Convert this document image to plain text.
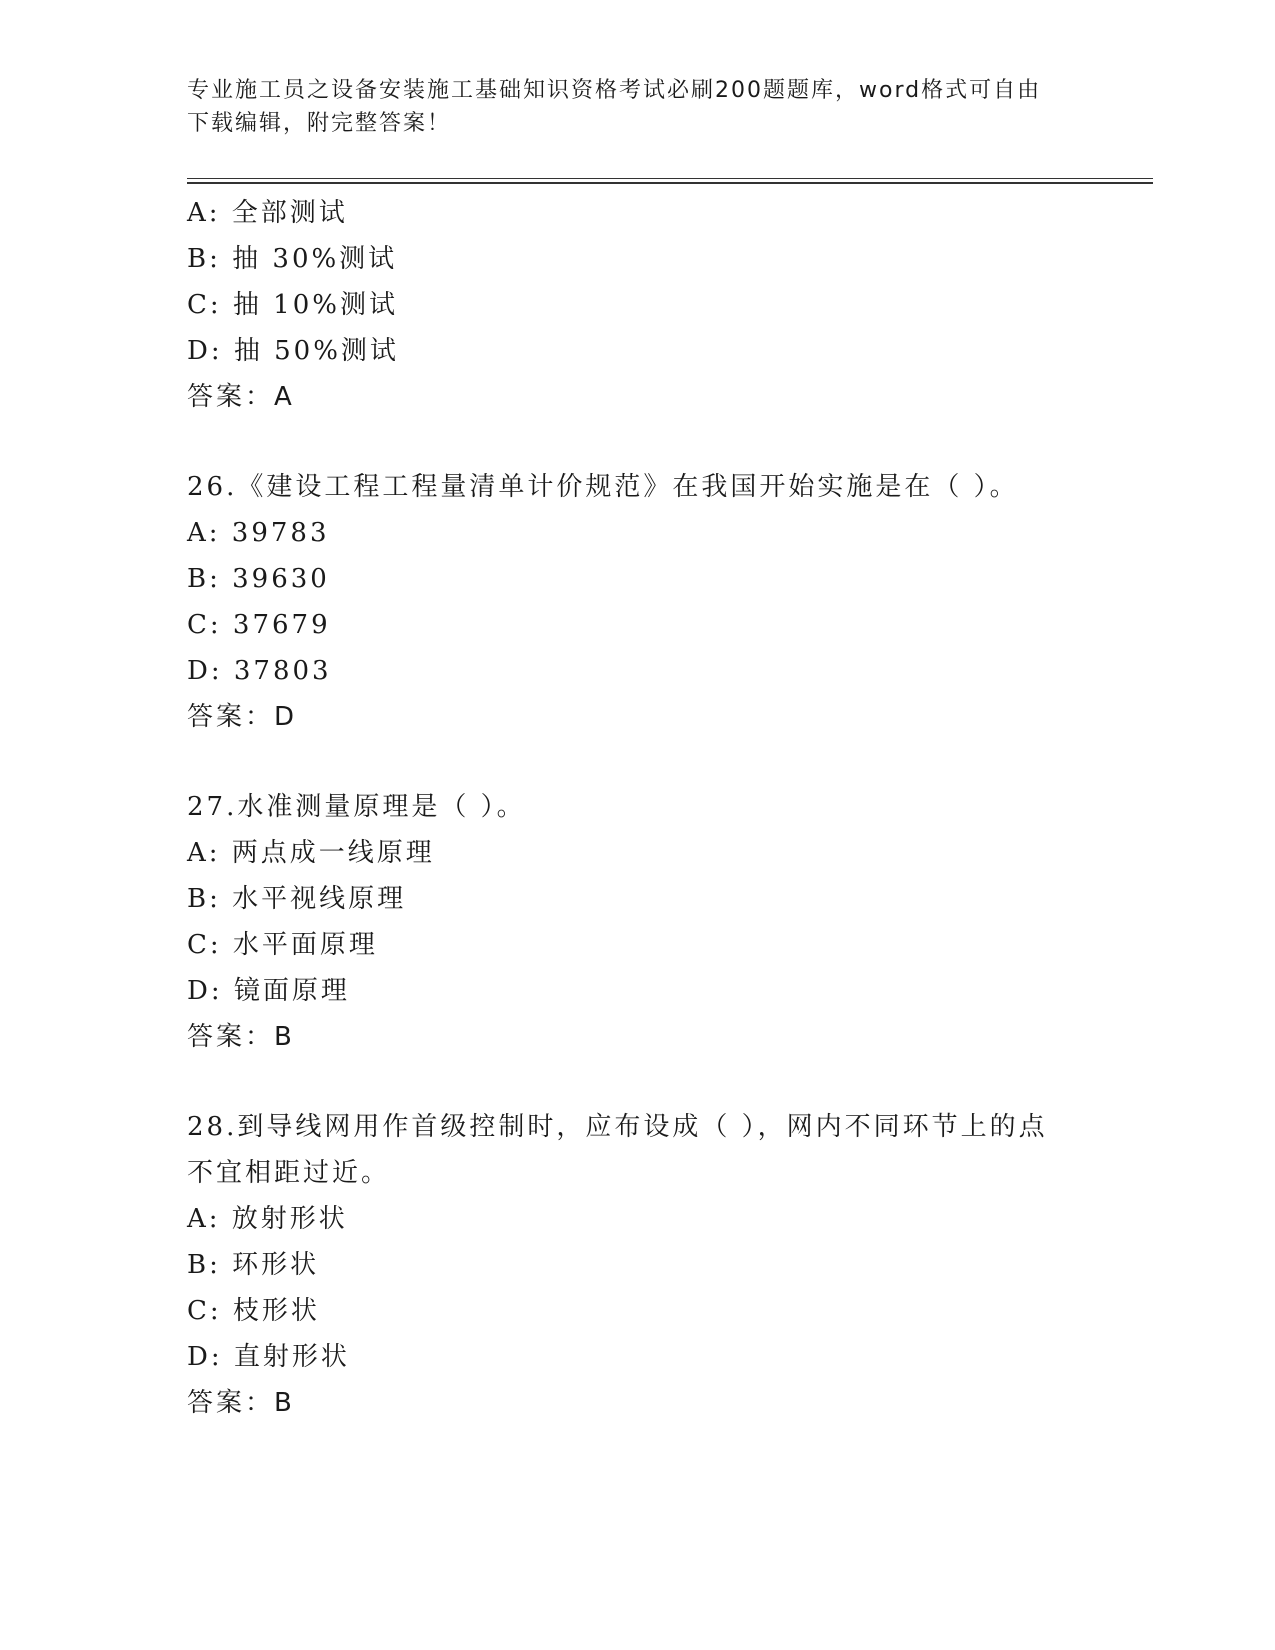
专业施工员之设备安装施工基础知识资格考试必刷200题题库，word格式可自由
下载编辑，附完整答案！
A: 全部测试
B: 抽 30%测试
C: 抽 10%测试
D: 抽 50%测试
答案：A
26.《建设工程工程量清单计价规范》在我国开始实施是在（ ）。
A: 39783
B: 39630
C: 37679
D: 37803
答案：D
27.水准测量原理是（ ）。
A: 两点成一线原理
B: 水平视线原理
C: 水平面原理
D: 镜面原理
答案：B
28.到导线网用作首级控制时，应布设成（ ），网内不同环节上的点
不宜相距过近。
A: 放射形状
B: 环形状
C: 枝形状
D: 直射形状
答案：B
